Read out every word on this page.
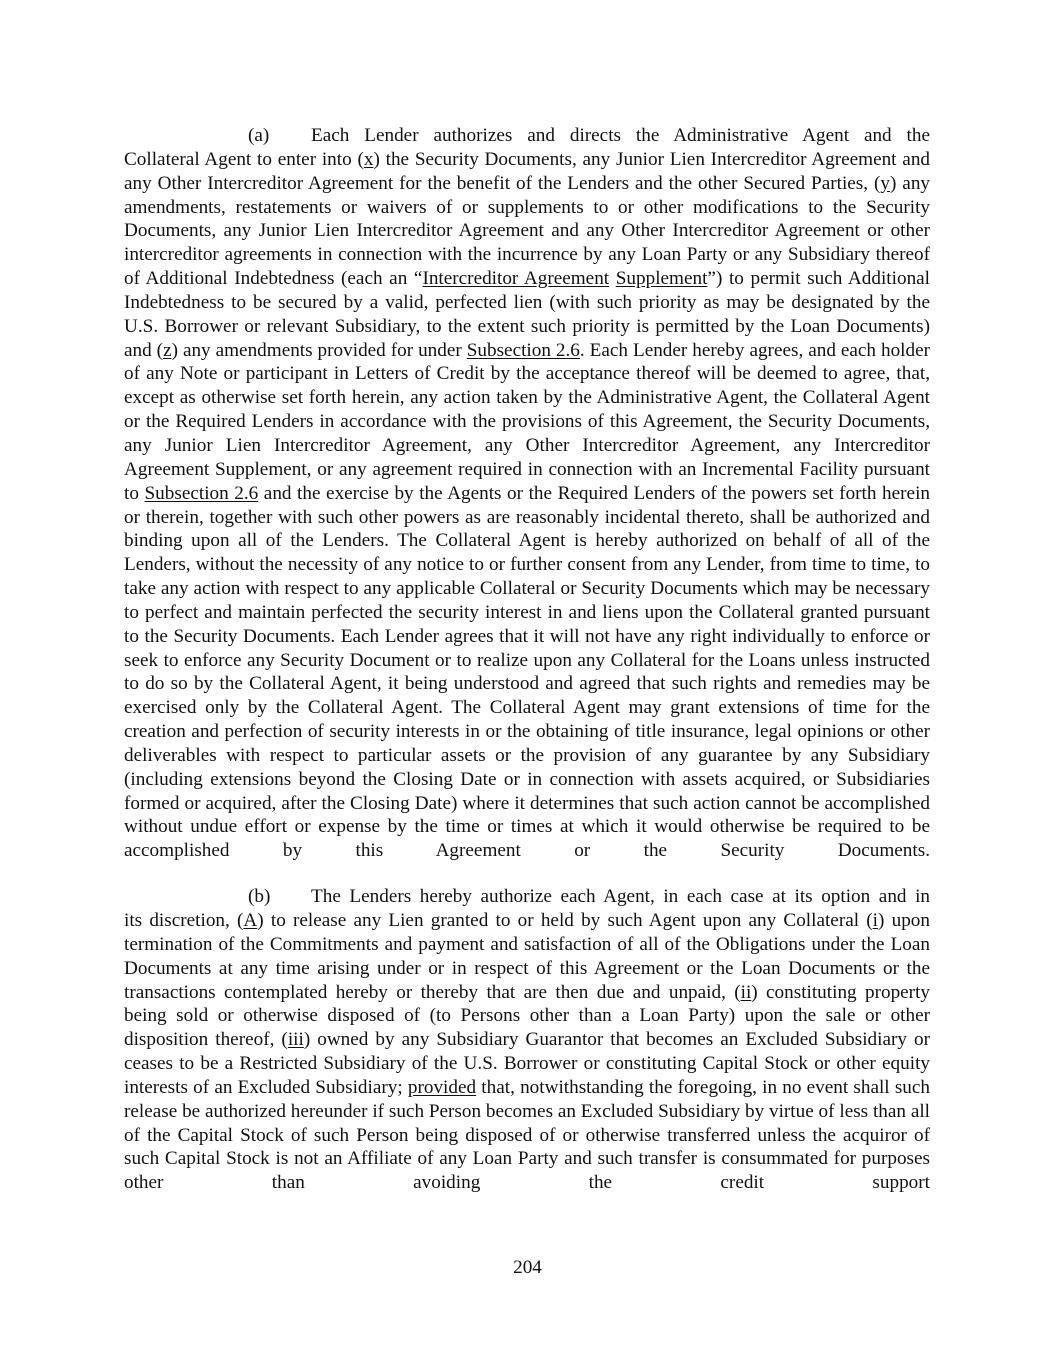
(a) Each Lender authorizes and directs the Administrative Agent and the
Collateral Agent to enter into (x) the Security Documents, any Junior Lien Intercreditor Agreement and any Other Intercreditor Agreement for the benefit of the Lenders and the other Secured Parties, (y) any amendments, restatements or waivers of or supplements to or other modifications to the Security Documents, any Junior Lien Intercreditor Agreement and any Other Intercreditor Agreement or other intercreditor agreements in connection with the incurrence by any Loan Party or any Subsidiary thereof of Additional Indebtedness (each an “Intercreditor Agreement Supplement”) to permit such Additional Indebtedness to be secured by a valid, perfected lien (with such priority as may be designated by the U.S. Borrower or relevant Subsidiary, to the extent such priority is permitted by the Loan Documents) and (z) any amendments provided for under Subsection 2.6. Each Lender hereby agrees, and each holder of any Note or participant in Letters of Credit by the acceptance thereof will be deemed to agree, that, except as otherwise set forth herein, any action taken by the Administrative Agent, the Collateral Agent or the Required Lenders in accordance with the provisions of this Agreement, the Security Documents, any Junior Lien Intercreditor Agreement, any Other Intercreditor Agreement, any Intercreditor Agreement Supplement, or any agreement required in connection with an Incremental Facility pursuant to Subsection 2.6 and the exercise by the Agents or the Required Lenders of the powers set forth herein or therein, together with such other powers as are reasonably incidental thereto, shall be authorized and binding upon all of the Lenders. The Collateral Agent is hereby authorized on behalf of all of the Lenders, without the necessity of any notice to or further consent from any Lender, from time to time, to take any action with respect to any applicable Collateral or Security Documents which may be necessary to perfect and maintain perfected the security interest in and liens upon the Collateral granted pursuant to the Security Documents. Each Lender agrees that it will not have any right individually to enforce or seek to enforce any Security Document or to realize upon any Collateral for the Loans unless instructed to do so by the Collateral Agent, it being understood and agreed that such rights and remedies may be exercised only by the Collateral Agent. The Collateral Agent may grant extensions of time for the creation and perfection of security interests in or the obtaining of title insurance, legal opinions or other deliverables with respect to particular assets or the provision of any guarantee by any Subsidiary (including extensions beyond the Closing Date or in connection with assets acquired, or Subsidiaries formed or acquired, after the Closing Date) where it determines that such action cannot be accomplished without undue effort or expense by the time or times at which it would otherwise be required to be accomplished by this Agreement or the Security Documents.

(b) The Lenders hereby authorize each Agent, in each case at its option and in
its discretion, (A) to release any Lien granted to or held by such Agent upon any Collateral (i) upon termination of the Commitments and payment and satisfaction of all of the Obligations under the Loan Documents at any time arising under or in respect of this Agreement or the Loan Documents or the transactions contemplated hereby or thereby that are then due and unpaid, (ii) constituting property being sold or otherwise disposed of (to Persons other than a Loan Party) upon the sale or other disposition thereof, (iii) owned by any Subsidiary Guarantor that becomes an Excluded Subsidiary or ceases to be a Restricted Subsidiary of the U.S. Borrower or constituting Capital Stock or other equity interests of an Excluded Subsidiary; provided that, notwithstanding the foregoing, in no event shall such release be authorized hereunder if such Person becomes an Excluded Subsidiary by virtue of less than all of the Capital Stock of such Person being disposed of or otherwise transferred unless the acquiror of such Capital Stock is not an Affiliate of any Loan Party and such transfer is consummated for purposes other than avoiding the credit support

204
